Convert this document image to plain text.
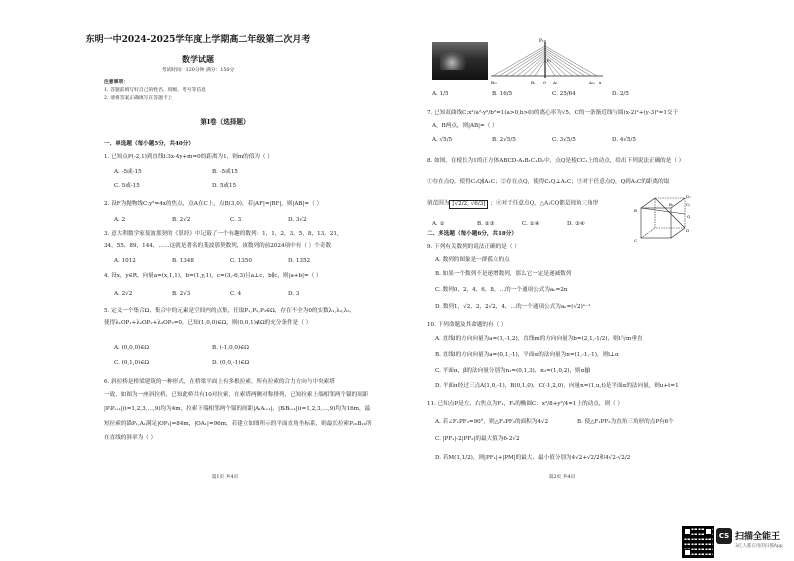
东明一中2024-2025学年度上学期高二年级第二次月考
数学试题
考试时间：120分钟 满分：150分
注意事项：
1. 答题前填写好自己的姓名、班级、考号等信息
2. 请将答案正确填写在答题卡上
第Ⅰ卷（选择题）
一、单选题（每小题5分，共40分）
1. 已知点P(-2,1)到直线l:3x-4y+m=0的距离为1，则m的值为（ ）
A. -5或-15	B. -5或15
C. 5或-15	D. 5或15
2. 设F为抛物线C:y²=4x的焦点，点A在C上，点B(3,0)，若|AF|=|BF|，则|AB|=（ ）
A. 2	B. 2√2	C. 3	D. 3√2
3. 意大利数学家斐波那契的《算经》中记载了一个有趣的数列：1，1，2，3，5，8，13，21，
34，55，89，144，……这就是著名的斐波那契数列，该数列的前2024项中有（ ）个奇数
A. 1012	B. 1348	C. 1350	D. 1352
4. 设x，y∈R，向量a=(x,1,1)，b=(1,y,1)，c=(3,-6,3)且a⊥c，b∥c，则|a+b|=（ ）
A. 2√2	B. 2√3	C. 4	D. 3
5. 定义一个集合Ω，集合中的元素是空间内的点集，任取P₁,P₂,P₃∈Ω，存在不全为0的实数λ₁,λ₂,λ₃，
使得λ₁OP₁+λ₂OP₂+λ₃OP₃=0，已知(1,0,0)∈Ω，则(0,0,1)∉Ω的充分条件是（ ）
A. (0,0,0)∈Ω	B. (-1,0,0)∈Ω
C. (0,1,0)∈Ω	D. (0,0,-1)∈Ω
6. 斜拉桥是桥梁建筑的一种形式，在桥梁平面上有多根拉索，所有拉索的合力方向与中央索塔
一致，如图为一座斜拉桥，已知此桥共有10对拉索，在索塔两侧对称排列，已知拉索上端相邻两个锚的间距
|PᵢPᵢ₊₁|(i=1,2,3,…,9)均为4m，拉索下端相邻两个锚的间距|AᵢAᵢ₊₁|，|BᵢBᵢ₊₁|(i=1,2,3,…,9)均为16m，最
短拉索的锚P₁,A₁满足|OP₁|=84m，|OA₁|=96m，若建立如图所示的平面直角坐标系，则最长拉索P₁₀B₁₀所
在直线的斜率为（ ）
第1页 共4页
P₁₀
P₁
B₁₀	B₁ O A₁	A₁₀ x
A. 1/5	B. 16/5	C. 25/64	D. 2/5
7. 已知双曲线C:x²/a²-y²/b²=1(a>0,b>0)的离心率为√5，C的一条渐近线与圆(x-2)²+(y-3)²=1交于
A，B两点，则|AB|=（ ）
A. √5/5	B. 2√5/5	C. 3√5/5	D. 4√5/5
8. 如图，在棱长为1的正方体ABCD-A₁B₁C₁D₁中，点Q是棱CC₁上的动点，给出下列说法正确的是（ ）
①存在点Q，使得C₁Q∥A₁C；②存在点Q，使得C₁Q⊥A₁C；③对于任意点Q，Q到A₁C的距离的取
值范围为 [√2/2, √6/3] ；④对于任意点Q，△A₁CQ都是钝角三角形
A. ①	B. ②③	C. ①④	D. ③④
D₁
C₁
B₁
B
Q
C
D
二、多选题（每小题6分，共18分）
9. 下列有关数列的说法正确的是（ ）
A. 数列的图象是一群孤立的点
B. 如果一个数列不是递增数列，那么它一定是递减数列
C. 数列0，2，4，6，8，…的一个通项公式为aₙ=2n
D. 数列1，√2，2，2√2，4，…的一个通项公式为aₙ=(√2)ⁿ⁻¹
10. 下列命题及其命题的有（ ）
A. 直线l的方向向量为a=(1,-1,2)，直线m的方向向量为b=(2,1,-1/2)，则l与m垂直
B. 直线l的方向向量为a=(0,1,-1)，平面α的法向量为n=(1,-1,-1)，则l⊥α
C. 平面α，β的法向量分别为n₁=(0,1,3)，n₂=(1,0,2)，则α∥β
D. 平面α经过三点A(1,0,-1)，B(0,1,0)，C(-1,2,0)，向量n=(1,u,t)是平面α的法向量，则u+t=1
11. 已知点P是左、右焦点为F₁，F₂的椭圆C：x²/8+y²/4=1上的动点，则（ ）
A. 若∠F₁PF₂=90°，则△F₁PF₂的面积为4√2	B. 使△F₁PF₂为直角三角形的点P有6个
C. |PF₁|-2|PF₂|的最大值为6-2√2
D. 若M(1,1/2)，则|PF₁|+|PM|的最大、最小值分别为4√2+√2/2和4√2-√2/2
第2页 共4页
CS 扫描全能王
3亿人都在用的扫描App
